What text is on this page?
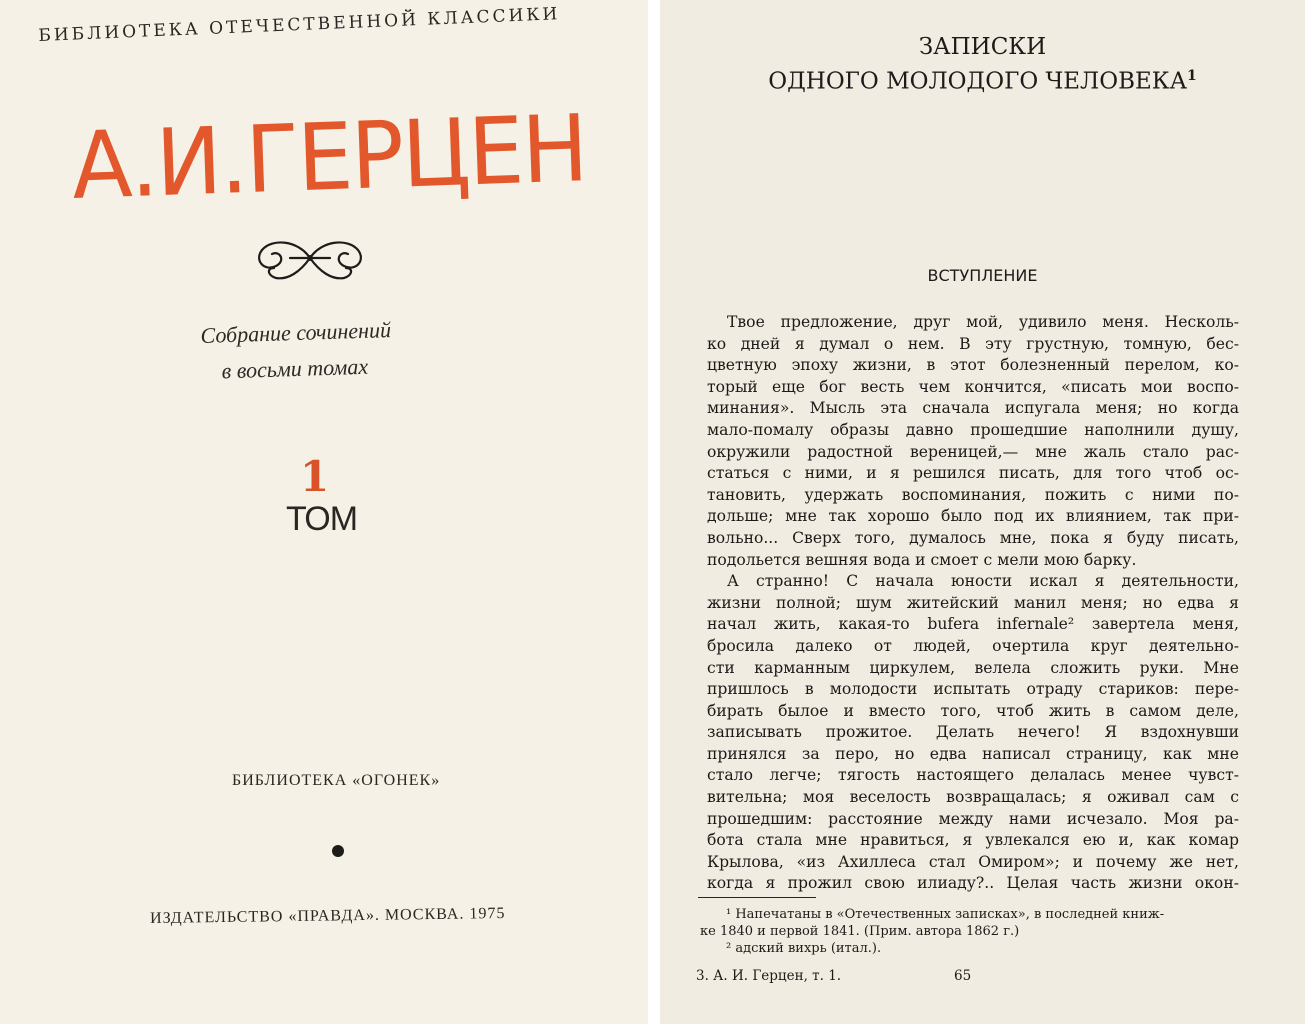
БИБЛИОТЕКА ОТЕЧЕСТВЕННОЙ КЛАССИКИ
А.И.ГЕРЦЕН
Собрание сочинений
в восьми томах
1
ТОМ
БИБЛИОТЕКА «ОГОНЕК»
ИЗДАТЕЛЬСТВО «ПРАВДА». МОСКВА. 1975
ЗАПИСКИ
ОДНОГО МОЛОДОГО ЧЕЛОВЕКА$^1$
ВСТУПЛЕНИЕ
Твое предложение, друг мой, удивило меня. Несколь-
ко дней я думал о нем. В эту грустную, томную, бес-
цветную эпоху жизни, в этот болезненный перелом, ко-
торый еще бог весть чем кончится, «писать мои воспо-
минания». Мысль эта сначала испугала меня; но когда
мало-помалу образы давно прошедшие наполнили душу,
окружили радостной вереницей,— мне жаль стало рас-
статься с ними, и я решился писать, для того чтоб ос-
тановить, удержать воспоминания, пожить с ними по-
дольше; мне так хорошо было под их влиянием, так при-
вольно... Сверх того, думалось мне, пока я буду писать,
подольется вешняя вода и смоет с мели мою барку.
А странно! С начала юности искал я деятельности,
жизни полной; шум житейский манил меня; но едва я
начал жить, какая-то bufera infernale² завертела меня,
бросила далеко от людей, очертила круг деятельно-
сти карманным циркулем, велела сложить руки. Мне
пришлось в молодости испытать отраду стариков: пере-
бирать былое и вместо того, чтоб жить в самом деле,
записывать прожитое. Делать нечего! Я вздохнувши
принялся за перо, но едва написал страницу, как мне
стало легче; тягость настоящего делалась менее чувст-
вительна; моя веселость возвращалась; я оживал сам с
прошедшим: расстояние между нами исчезало. Моя ра-
бота стала мне нравиться, я увлекался ею и, как комар
Крылова, «из Ахиллеса стал Омиром»; и почему же нет,
когда я прожил свою илиаду?.. Целая часть жизни окон-
¹ Напечатаны в «Отечественных записках», в последней книж-
ке 1840 и первой 1841. (Прим. автора 1862 г.)
² адский вихрь (итал.).
3. А. И. Герцен, т. 1.	65
